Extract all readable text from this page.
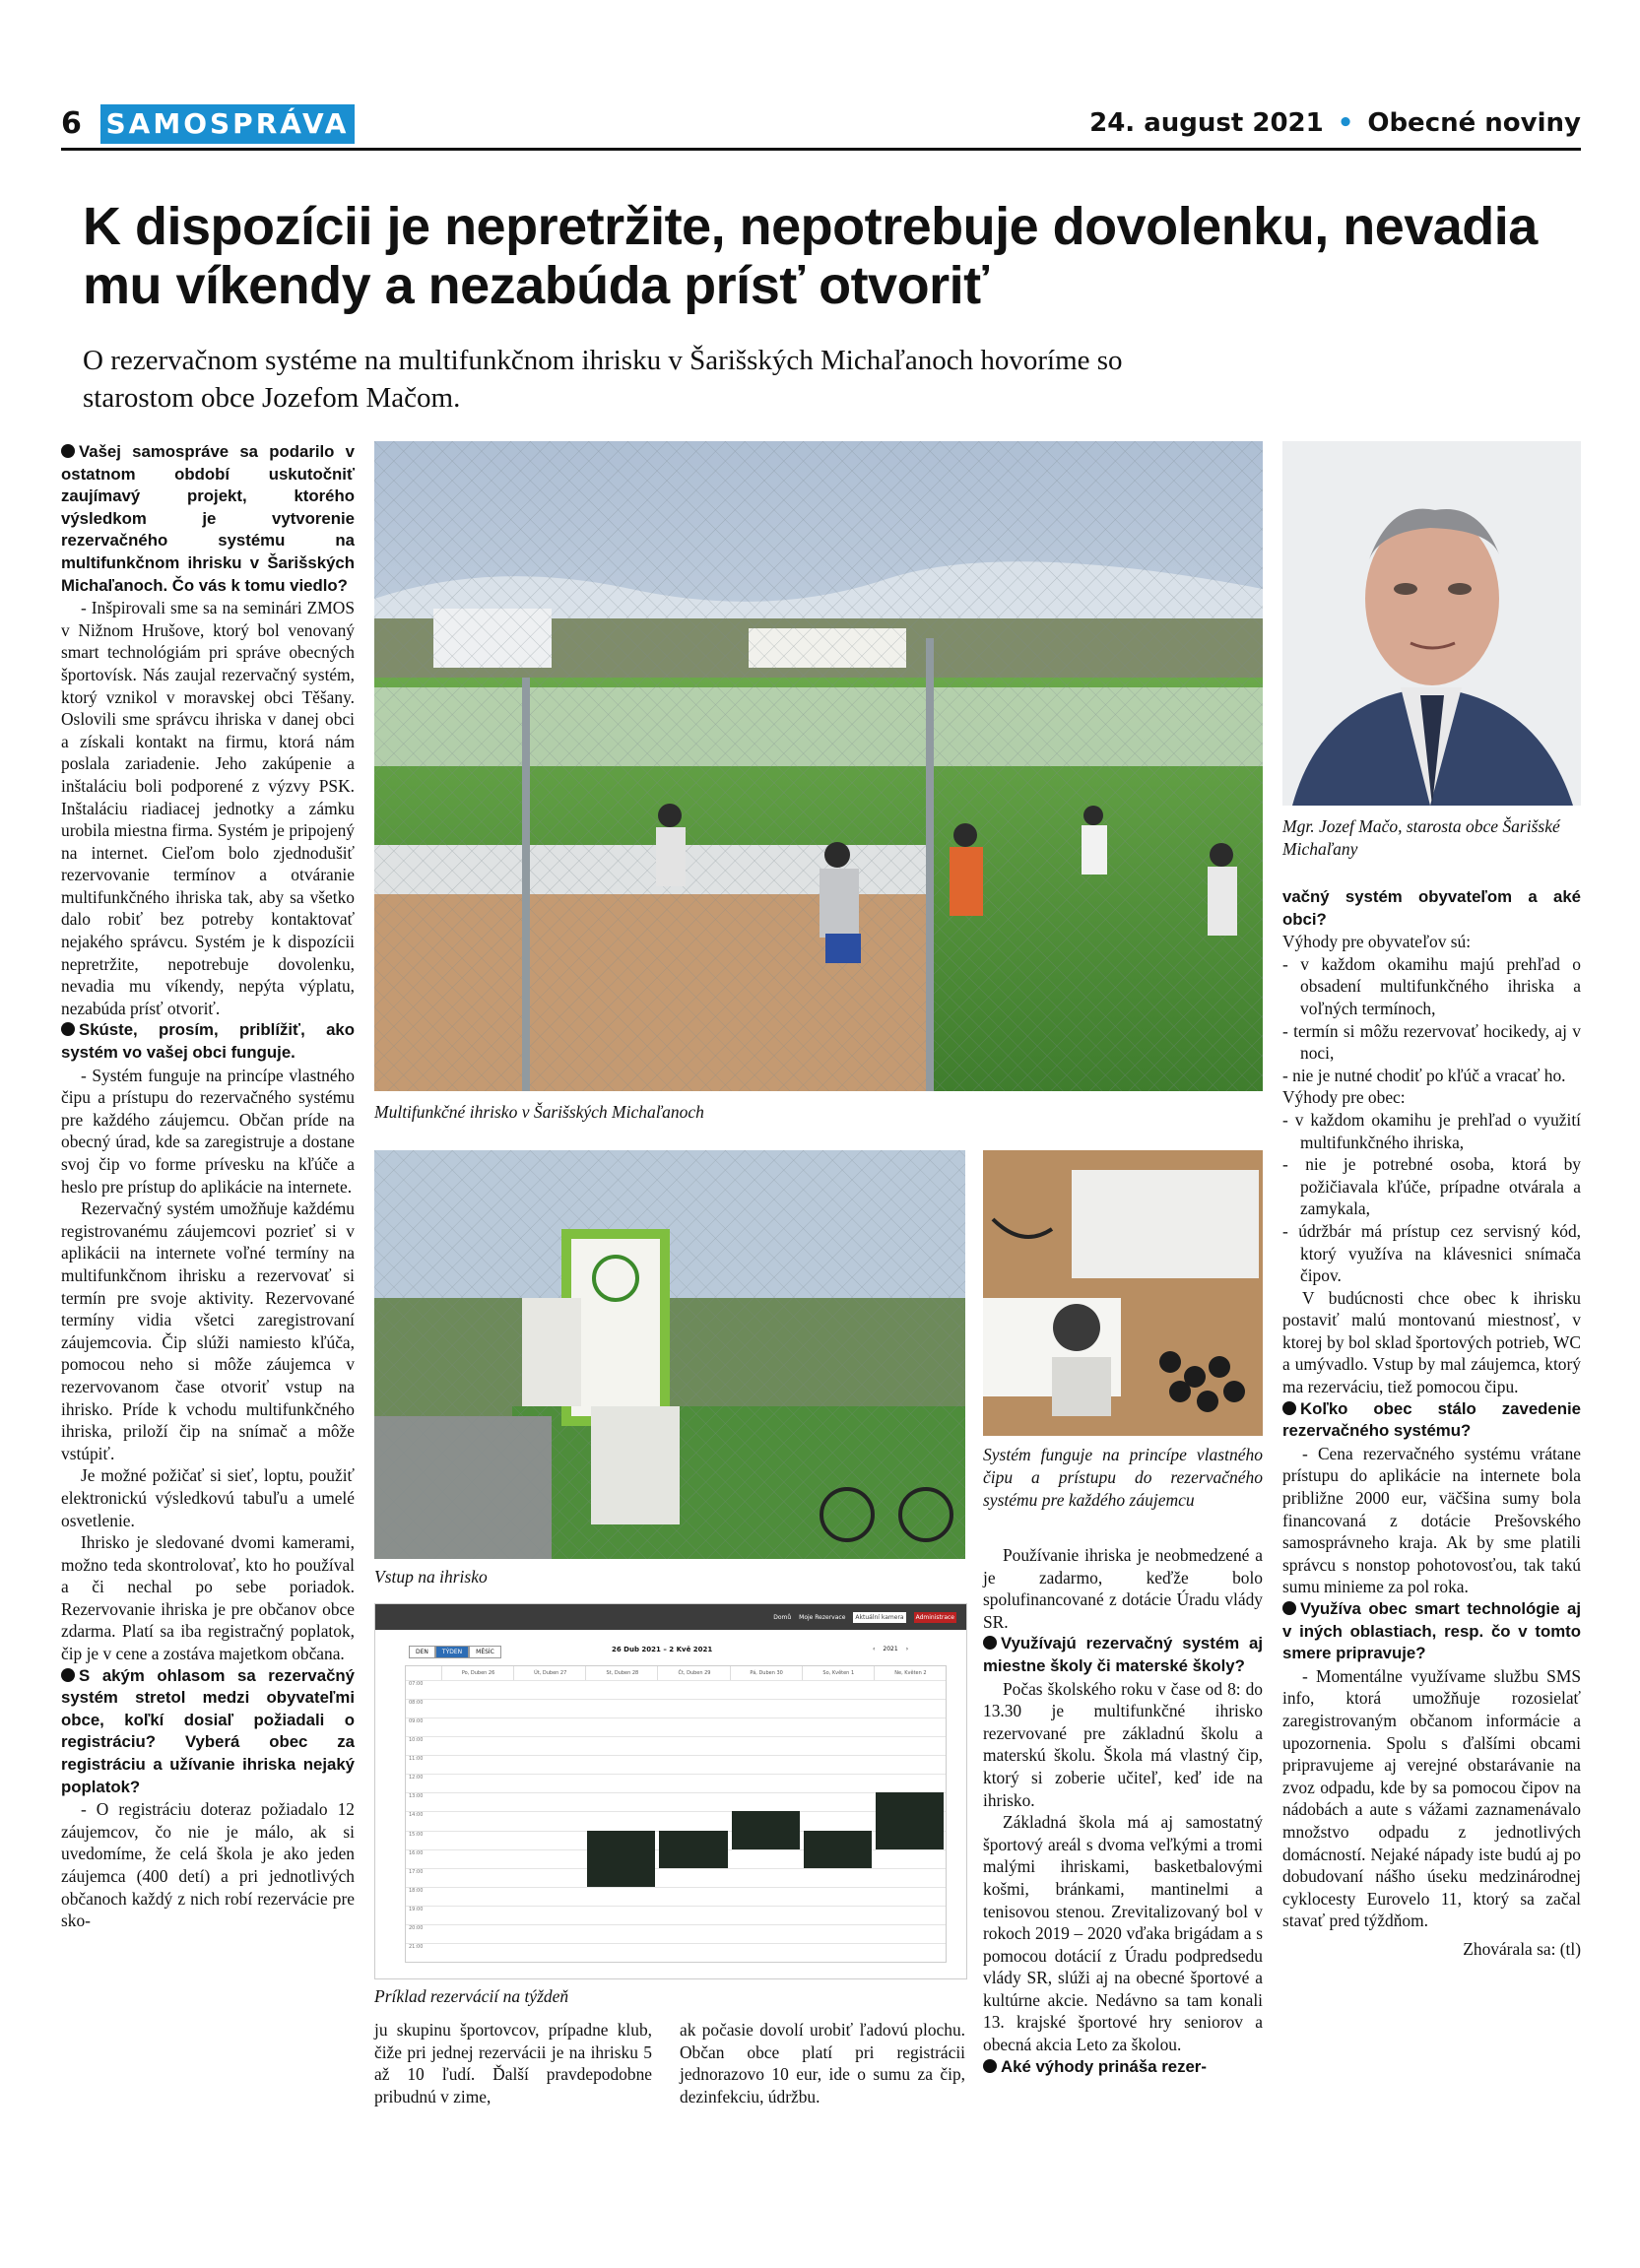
6 SAMOSPRÁVA	24. august 2021 • Obecné noviny
K dispozícii je nepretržite, nepotrebuje dovolenku, nevadia mu víkendy a nezabúda prísť otvoriť
O rezervačnom systéme na multifunkčnom ihrisku v Šarišských Michaľanoch hovoríme so starostom obce Jozefom Mačom.

Vašej samospráve sa podarilo v ostatnom období uskutočniť zaujímavý projekt, ktorého výsledkom je vytvorenie rezervačného systému na multifunkčnom ihrisku v Šarišských Michaľanoch. Čo vás k tomu viedlo?

- Inšpirovali sme sa na seminári ZMOS v Nižnom Hrušove, ktorý bol venovaný smart technológiám pri správe obecných športovísk. Nás zaujal rezervačný systém, ktorý vznikol v moravskej obci Těšany. Oslovili sme správcu ihriska v danej obci a získali kontakt na firmu, ktorá nám poslala zariadenie. Jeho zakúpenie a inštaláciu boli podporené z výzvy PSK. Inštaláciu riadiacej jednotky a zámku urobila miestna firma. Systém je pripojený na internet. Cieľom bolo zjednodušiť rezervovanie termínov a otváranie multifunkčného ihriska tak, aby sa všetko dalo robiť bez potreby kontaktovať nejakého správcu. Systém je k dispozícii nepretržite, nepotrebuje dovolenku, nevadia mu víkendy, nepýta výplatu, nezabúda prísť otvoriť.

Skúste, prosím, priblížiť, ako systém vo vašej obci funguje.

- Systém funguje na princípe vlastného čipu a prístupu do rezervačného systému pre každého záujemcu. Občan príde na obecný úrad, kde sa zaregistruje a dostane svoj čip vo forme prívesku na kľúče a heslo pre prístup do aplikácie na internete.

Rezervačný systém umožňuje každému registrovanému záujemcovi pozrieť si v aplikácii na internete voľné termíny na multifunkčnom ihrisku a rezervovať si termín pre svoje aktivity. Rezervované termíny vidia všetci zaregistrovaní záujemcovia. Čip slúži namiesto kľúča, pomocou neho si môže záujemca v rezervovanom čase otvoriť vstup na ihrisko. Príde k vchodu multifunkčného ihriska, priloží čip na snímač a môže vstúpiť.

Je možné požičať si sieť, loptu, použiť elektronickú výsledkovú tabuľu a umelé osvetlenie.

Ihrisko je sledované dvomi kamerami, možno teda skontrolovať, kto ho používal a či nechal po sebe poriadok. Rezervovanie ihriska je pre občanov obce zdarma. Platí sa iba registračný poplatok, čip je v cene a zostáva majetkom občana.

S akým ohlasom sa rezervačný systém stretol medzi obyvateľmi obce, koľkí dosiaľ požiadali o registráciu? Vyberá obec za registráciu a užívanie ihriska nejaký poplatok?

- O registráciu doteraz požiadalo 12 záujemcov, čo nie je málo, ak si uvedomíme, že celá škola je ako jeden záujemca (400 detí) a pri jednotlivých občanoch každý z nich robí rezervácie pre sko-

Multifunkčné ihrisko v Šarišských Michaľanoch
Mgr. Jozef Mačo, starosta obce Šarišské Michaľany

vačný systém obyvateľom a aké obci?

Výhody pre obyvateľov sú:

- v každom okamihu majú prehľad o obsadení multifunkčného ihriska a voľných termínoch,
- termín si môžu rezervovať hocikedy, aj v noci,
- nie je nutné chodiť po kľúč a vracať ho.

Výhody pre obec:

- v každom okamihu je prehľad o využití multifunkčného ihriska,
- nie je potrebné osoba, ktorá by požičiavala kľúče, prípadne otvárala a zamykala,
- údržbár má prístup cez servisný kód, ktorý využíva na klávesnici snímača čipov.

V budúcnosti chce obec k ihrisku postaviť malú montovanú miestnosť, v ktorej by bol sklad športových potrieb, WC a umývadlo. Vstup by mal záujemca, ktorý ma rezerváciu, tiež pomocou čipu.

Koľko obec stálo zavedenie rezervačného systému?

- Cena rezervačného systému vrátane prístupu do aplikácie na internete bola približne 2000 eur, väčšina sumy bola financovaná z dotácie Prešovského samosprávneho kraja. Ak by sme platili správcu s nonstop pohotovosťou, tak takú sumu minieme za pol roka.

Využíva obec smart technológie aj v iných oblastiach, resp. čo v tomto smere pripravuje?

- Momentálne využívame službu SMS info, ktorá umožňuje rozosielať zaregistrovaným občanom informácie a upozornenia. Spolu s ďalšími obcami pripravujeme aj verejné obstarávanie na zvoz odpadu, kde by sa pomocou čipov na nádobách a aute s vážami zaznamenávalo množstvo odpadu z jednotlivých domácností. Nejaké nápady iste budú aj po dobudovaní nášho úseku medzinárodnej cyklocesty Eurovelo 11, ktorý sa začal stavať pred týždňom.

Zhovárala sa: (tl)

Vstup na ihrisko
Systém funguje na princípe vlastného čipu a prístupu do rezervačného systému pre každého záujemcu
Domů Moje Rezervace	Aktuální kamera	Administrace
DEN	TÝDEN	MĚSÍC	26 Dub 2021 – 2 Kvě 2021	‹ 2021 ›
Po, Duben 26	Út, Duben 27	St, Duben 28	Čt, Duben 29	Pá, Duben 30	So, Květen 1	Ne, Květen 2
07:00
08:00
09:00
10:00
11:00
12:00
13:00
14:00
15:00
16:00
17:00
18:00
19:00
20:00
21:00
Príklad rezervácií na týždeň
ju skupinu športovcov, prípadne klub, čiže pri jednej rezervácii je na ihrisku 5 až 10 ľudí. Ďalší pravdepodobne pribudnú v zime,
ak počasie dovolí urobiť ľadovú plochu. Občan obce platí pri registrácii jednorazovo 10 eur, ide o sumu za čip, dezinfekciu, údržbu.

Používanie ihriska je neobmedzené a je zadarmo, keďže bolo spolufinancované z dotácie Úradu vlády SR.

Využívajú rezervačný systém aj miestne školy či materské školy?

Počas školského roku v čase od 8: do 13.30 je multifunkčné ihrisko rezervované pre základnú školu a materskú školu. Škola má vlastný čip, ktorý si zoberie učiteľ, keď ide na ihrisko.

Základná škola má aj samostatný športový areál s dvoma veľkými a tromi malými ihriskami, basketbalovými košmi, bránkami, mantinelmi a tenisovou stenou. Zrevitalizovaný bol v rokoch 2019 – 2020 vďaka brigádam a s pomocou dotácií z Úradu podpredsedu vlády SR, slúži aj na obecné športové a kultúrne akcie. Nedávno sa tam konali 13. krajské športové hry seniorov a obecná akcia Leto za školou.

Aké výhody prináša rezer-
